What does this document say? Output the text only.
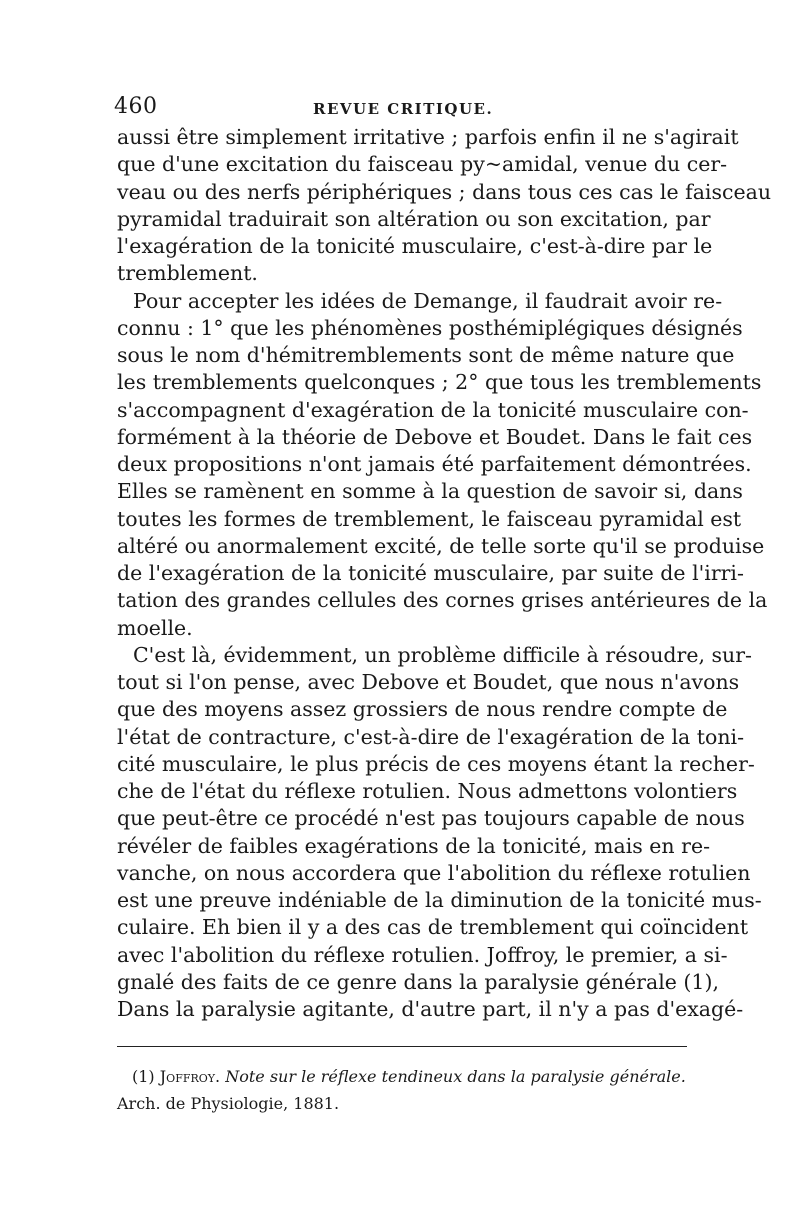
460	REVUE CRITIQUE.
aussi être simplement irritative ; parfois enfin il ne s'agirait
que d'une excitation du faisceau py~amidal, venue du cer-
veau ou des nerfs périphériques ; dans tous ces cas le faisceau
pyramidal traduirait son altération ou son excitation, par
l'exagération de la tonicité musculaire, c'est-à-dire par le
tremblement.
Pour accepter les idées de Demange, il faudrait avoir re-
connu : 1° que les phénomènes posthémiplégiques désignés
sous le nom d'hémitremblements sont de même nature que
les tremblements quelconques ; 2° que tous les tremblements
s'accompagnent d'exagération de la tonicité musculaire con-
formément à la théorie de Debove et Boudet. Dans le fait ces
deux propositions n'ont jamais été parfaitement démontrées.
Elles se ramènent en somme à la question de savoir si, dans
toutes les formes de tremblement, le faisceau pyramidal est
altéré ou anormalement excité, de telle sorte qu'il se produise
de l'exagération de la tonicité musculaire, par suite de l'irri-
tation des grandes cellules des cornes grises antérieures de la
moelle.
C'est là, évidemment, un problème difficile à résoudre, sur-
tout si l'on pense, avec Debove et Boudet, que nous n'avons
que des moyens assez grossiers de nous rendre compte de
l'état de contracture, c'est-à-dire de l'exagération de la toni-
cité musculaire, le plus précis de ces moyens étant la recher-
che de l'état du réflexe rotulien. Nous admettons volontiers
que peut-être ce procédé n'est pas toujours capable de nous
révéler de faibles exagérations de la tonicité, mais en re-
vanche, on nous accordera que l'abolition du réflexe rotulien
est une preuve indéniable de la diminution de la tonicité mus-
culaire. Eh bien il y a des cas de tremblement qui coïncident
avec l'abolition du réflexe rotulien. Joffroy, le premier, a si-
gnalé des faits de ce genre dans la paralysie générale (1),
Dans la paralysie agitante, d'autre part, il n'y a pas d'exagé-
(1) Joffroy. Note sur le réflexe tendineux dans la paralysie générale.
Arch. de Physiologie, 1881.
